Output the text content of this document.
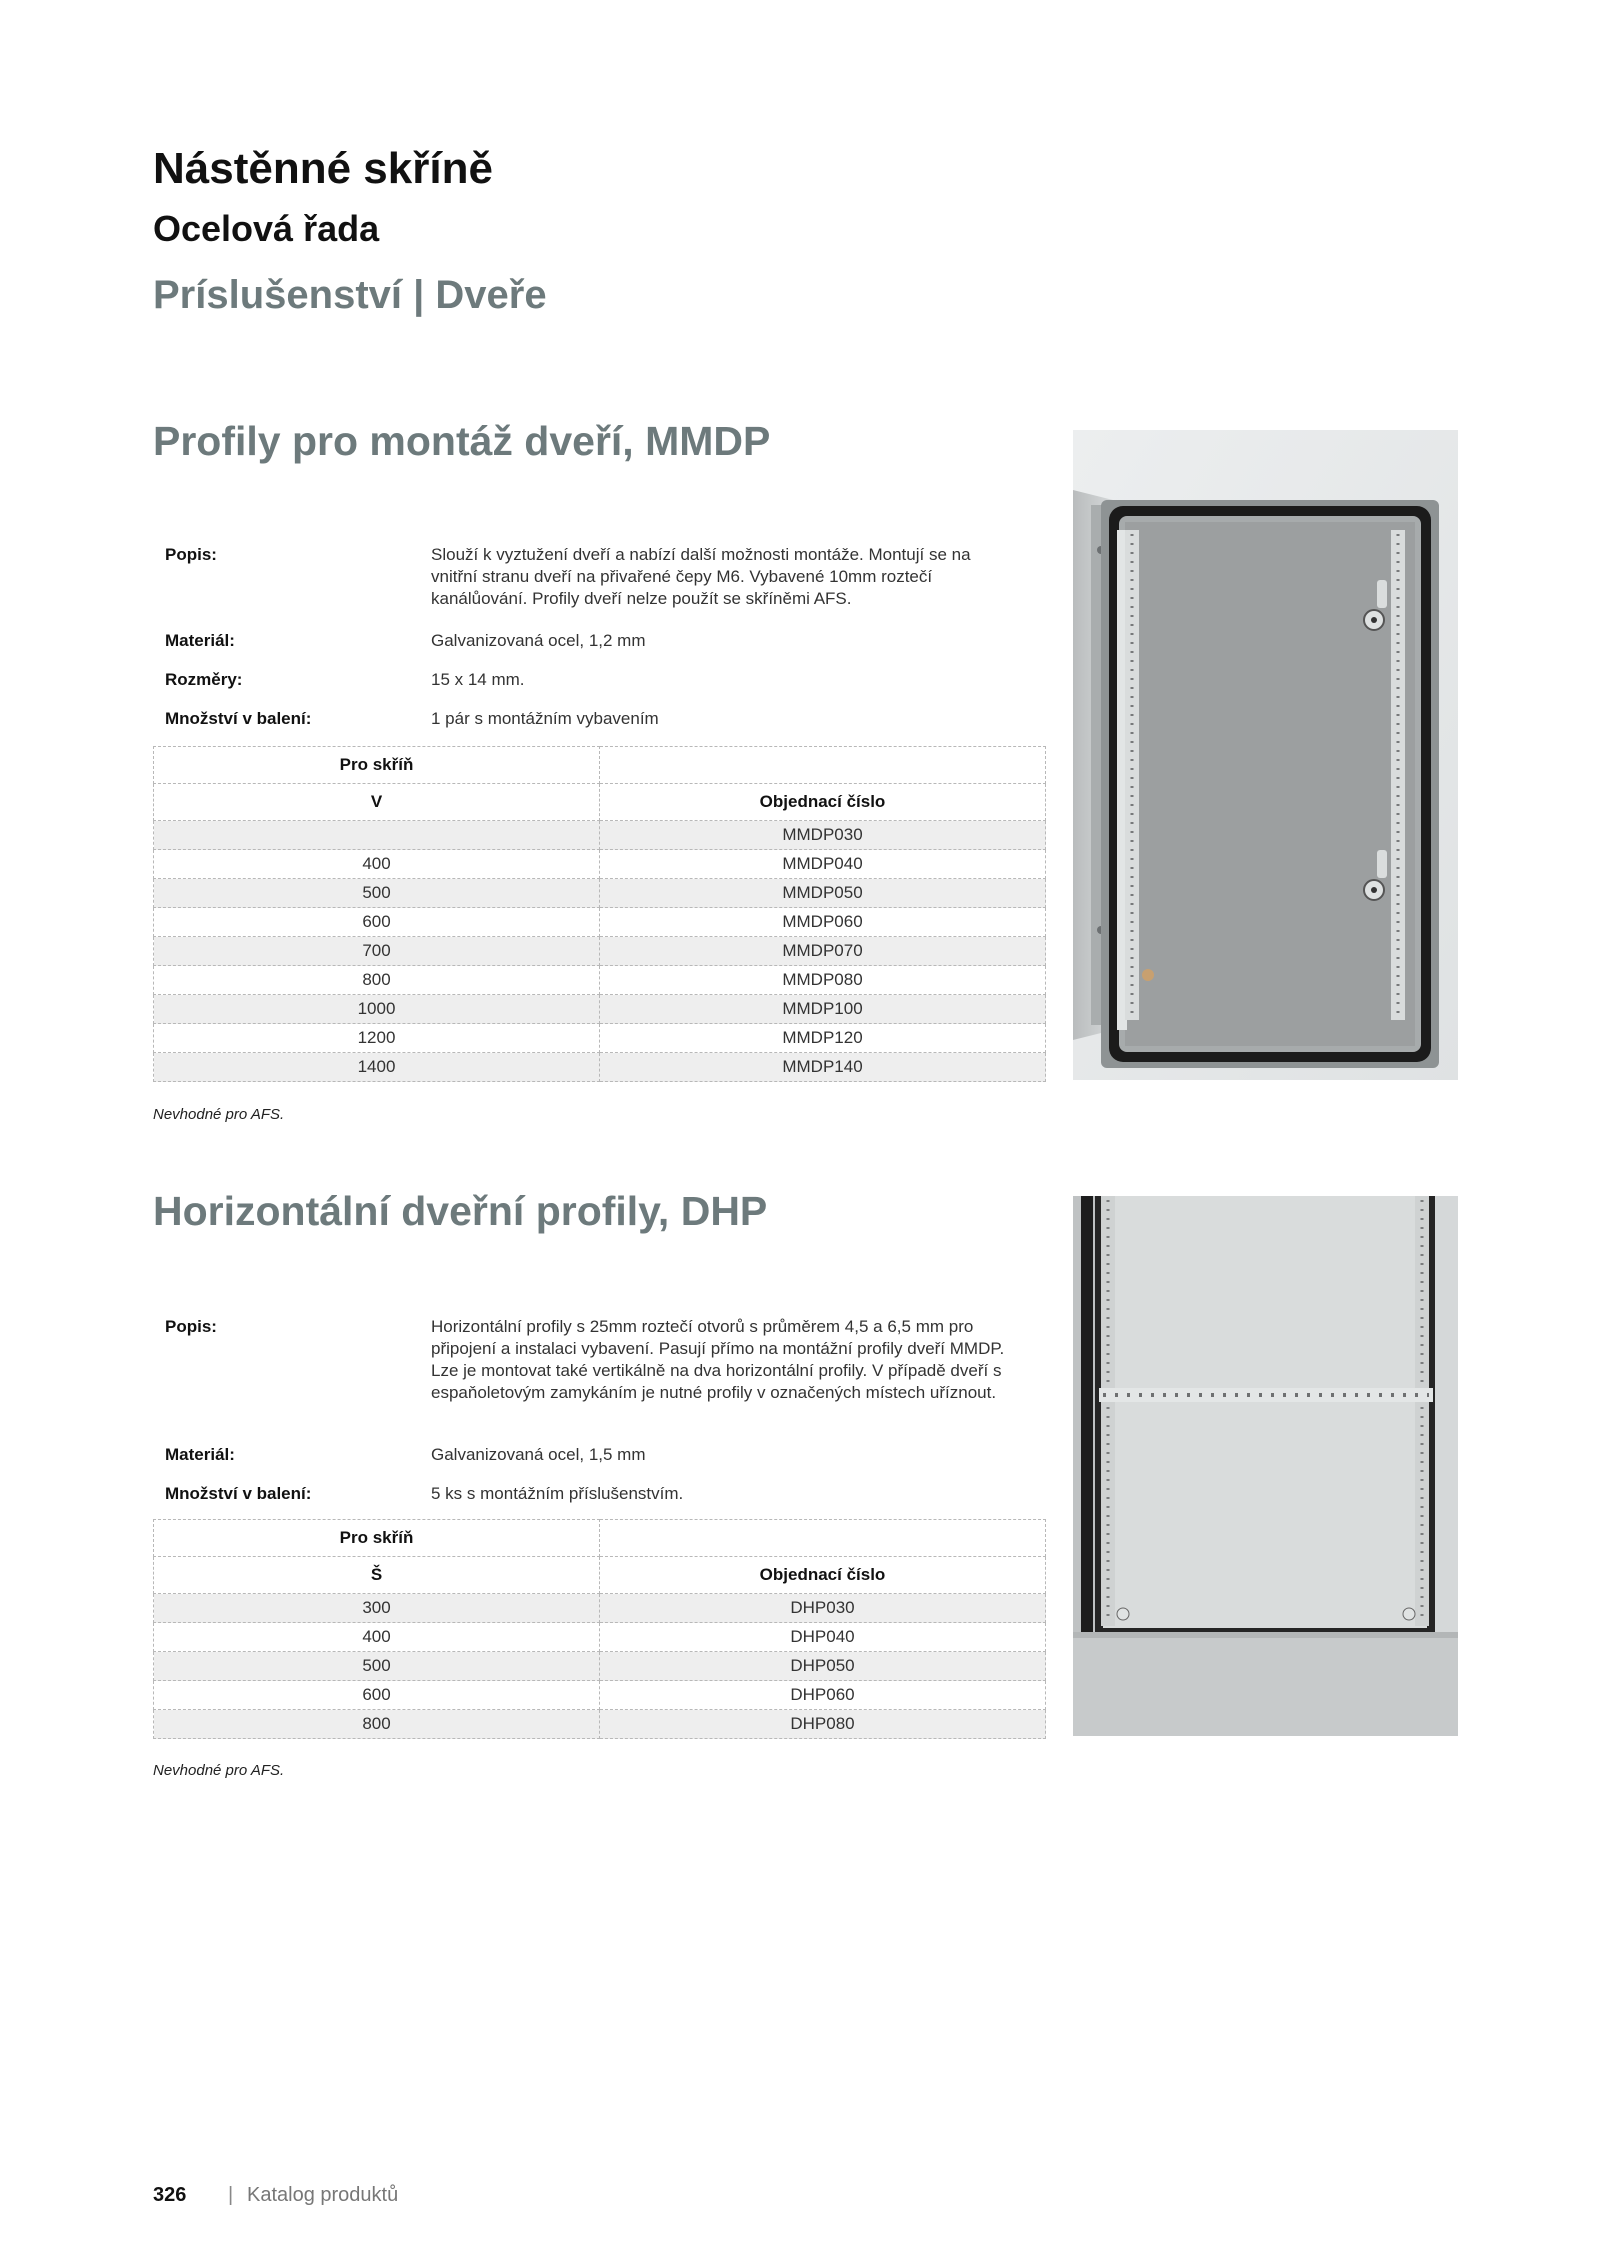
Nástěnné skříně
Ocelová řada
Príslušenství | Dveře
Profily pro montáž dveří, MMDP
Popis:	Slouží k vyztužení dveří a nabízí další možnosti montáže. Montují se na vnitřní stranu dveří na přivařené čepy M6. Vybavené 10mm roztečí kanálůování. Profily dveří nelze použít se skříněmi AFS.
Materiál:	Galvanizovaná ocel, 1,2 mm
Rozměry:	15 x 14 mm.
Množství v balení:	1 pár s montážním vybavením
Pro skříň	
V	Objednací číslo
	MMDP030
400	MMDP040
500	MMDP050
600	MMDP060
700	MMDP070
800	MMDP080
1000	MMDP100
1200	MMDP120
1400	MMDP140
Nevhodné pro AFS.
Horizontální dveřní profily, DHP
Popis:	Horizontální profily s 25mm roztečí otvorů s průměrem 4,5 a 6,5 mm pro připojení a instalaci vybavení. Pasují přímo na montážní profily dveří MMDP. Lze je montovat také vertikálně na dva horizontální profily. V případě dveří s espaňoletovým zamykáním je nutné profily v označených místech uříznout.
Materiál:	Galvanizovaná ocel, 1,5 mm
Množství v balení:	5 ks s montážním příslušenstvím.
Pro skříň	
Š	Objednací číslo
300	DHP030
400	DHP040
500	DHP050
600	DHP060
800	DHP080
Nevhodné pro AFS.
326 | Katalog produktů
